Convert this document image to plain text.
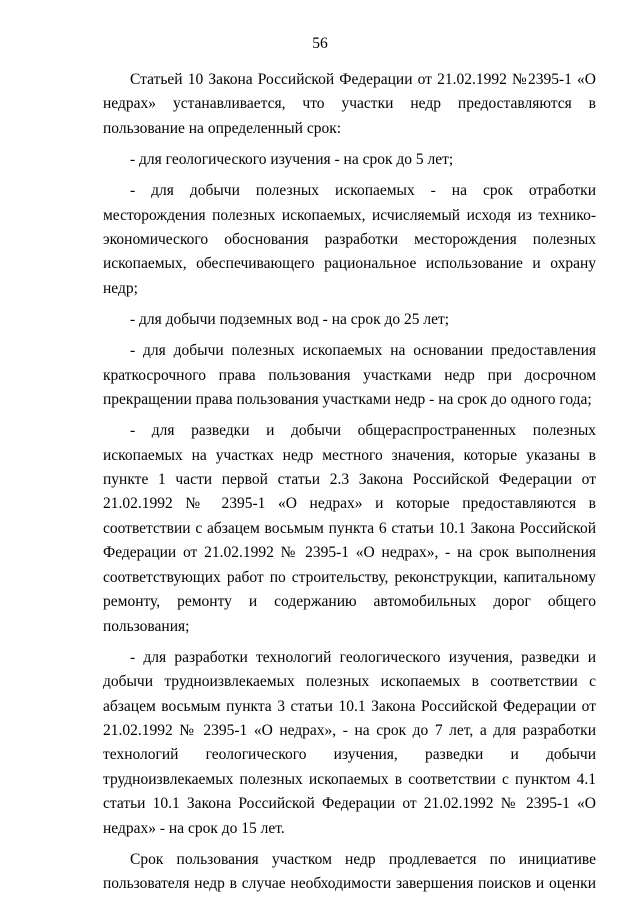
56

Статьей 10 Закона Российской Федерации от 21.02.1992 №2395-1 «О недрах» устанавливается, что участки недр предоставляются в пользование на определенный срок:

- для геологического изучения - на срок до 5 лет;

- для добычи полезных ископаемых - на срок отработки месторождения полезных ископаемых, исчисляемый исходя из технико-экономического обоснования разработки месторождения полезных ископаемых, обеспечивающего рациональное использование и охрану недр;

- для добычи подземных вод - на срок до 25 лет;

- для добычи полезных ископаемых на основании предоставления краткосрочного права пользования участками недр при досрочном прекращении права пользования участками недр - на срок до одного года;

- для разведки и добычи общераспространенных полезных ископаемых на участках недр местного значения, которые указаны в пункте 1 части первой статьи 2.3 Закона Российской Федерации от 21.02.1992 № 2395-1 «О недрах» и которые предоставляются в соответствии с абзацем восьмым пункта 6 статьи 10.1 Закона Российской Федерации от 21.02.1992 № 2395-1 «О недрах», - на срок выполнения соответствующих работ по строительству, реконструкции, капитальному ремонту, ремонту и содержанию автомобильных дорог общего пользования;

- для разработки технологий геологического изучения, разведки и добычи трудноизвлекаемых полезных ископаемых в соответствии с абзацем восьмым пункта 3 статьи 10.1 Закона Российской Федерации от 21.02.1992 № 2395-1 «О недрах», - на срок до 7 лет, а для разработки технологий геологического изучения, разведки и добычи трудноизвлекаемых полезных ископаемых в соответствии с пунктом 4.1 статьи 10.1 Закона Российской Федерации от 21.02.1992 № 2395-1 «О недрах» - на срок до 15 лет.

Срок пользования участком недр продлевается по инициативе пользователя недр в случае необходимости завершения поисков и оценки
